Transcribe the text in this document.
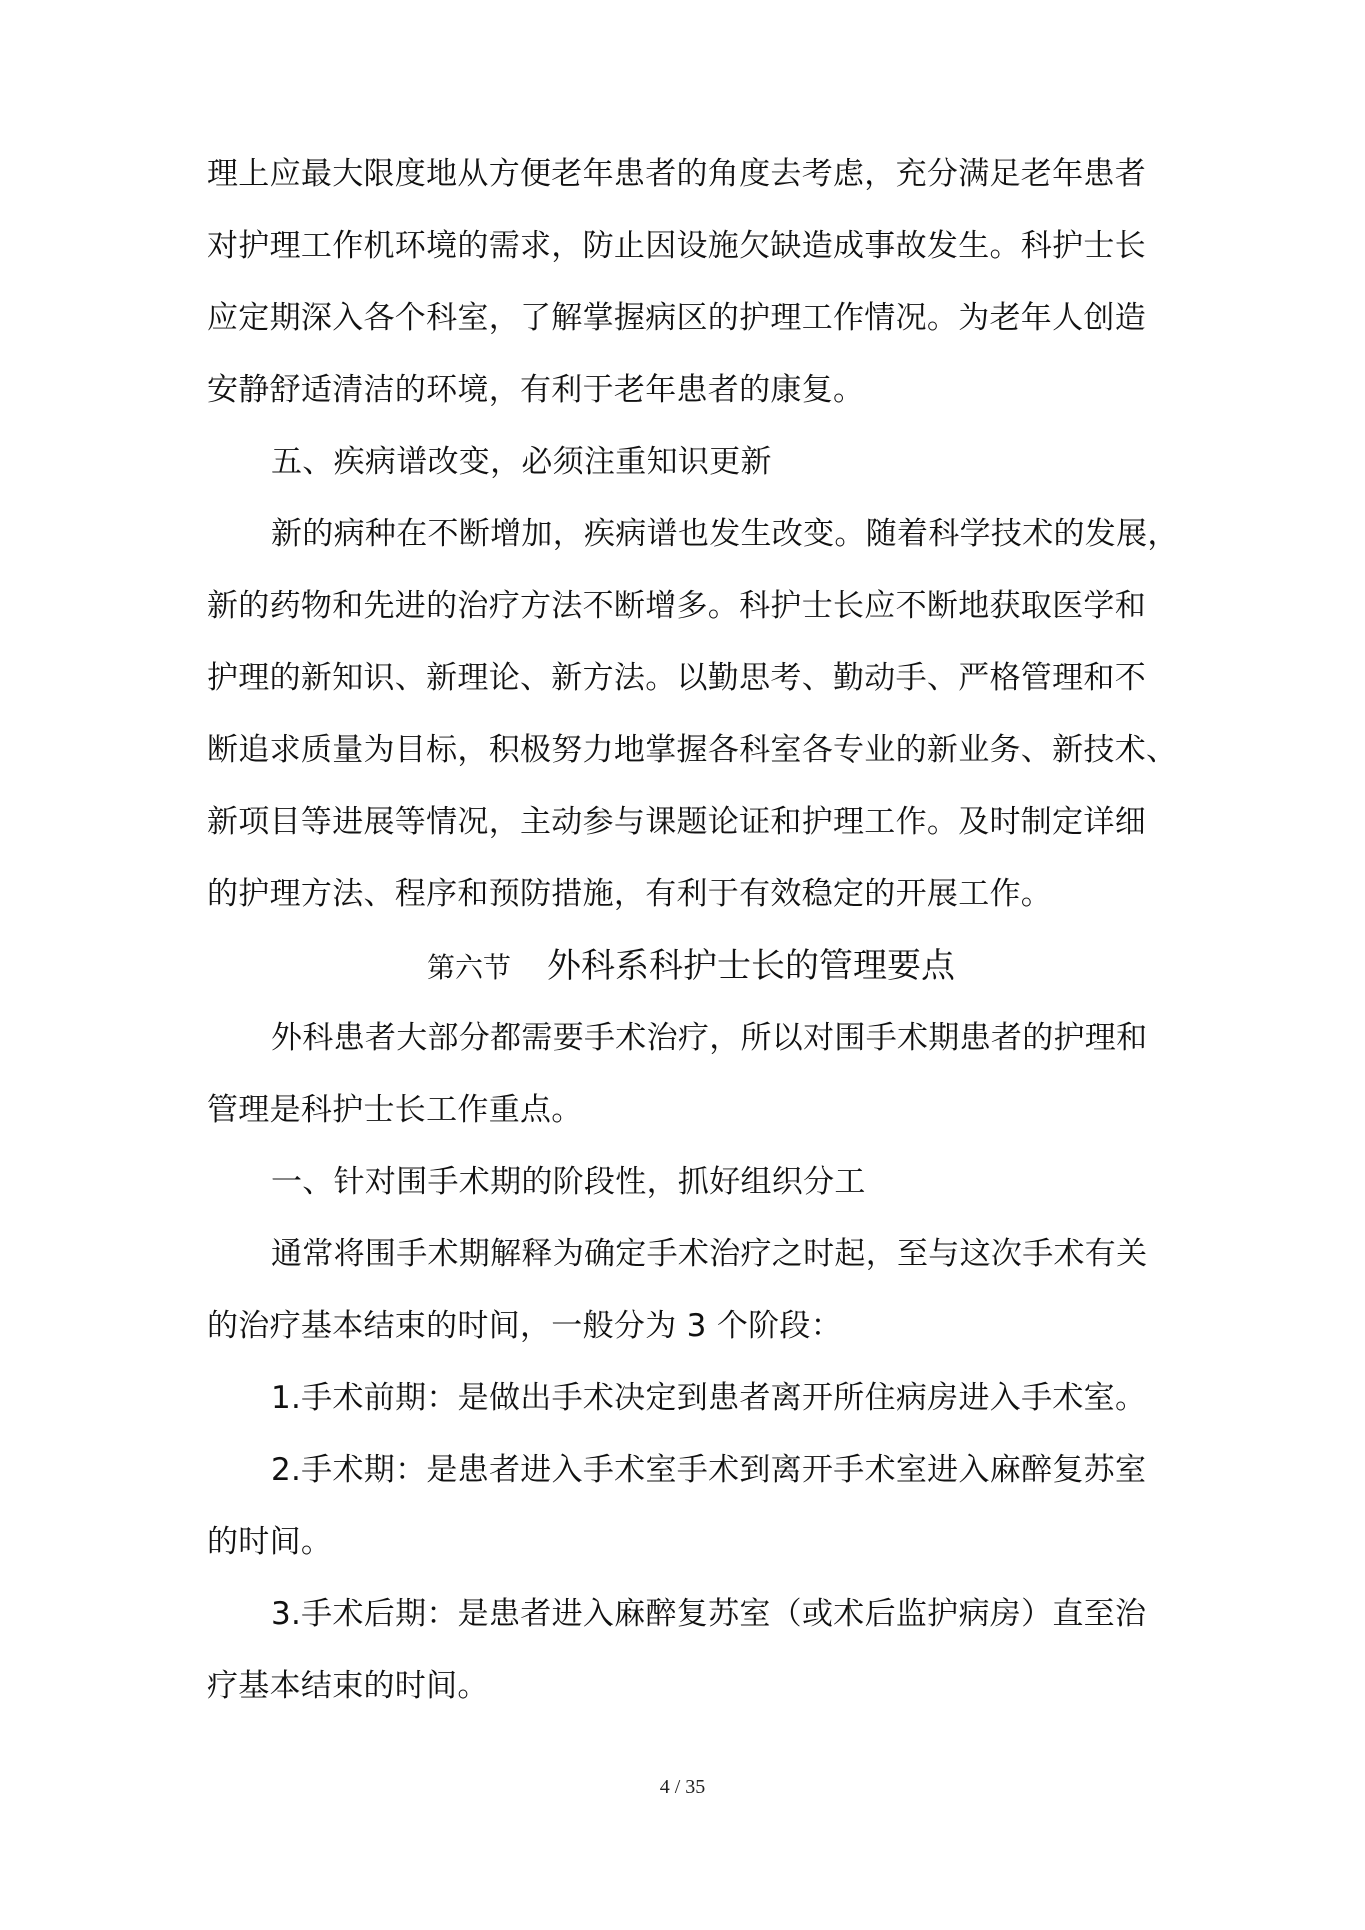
理上应最大限度地从方便老年患者的角度去考虑，充分满足老年患者
对护理工作机环境的需求，防止因设施欠缺造成事故发生。科护士长
应定期深入各个科室，了解掌握病区的护理工作情况。为老年人创造
安静舒适清洁的环境，有利于老年患者的康复。
五、疾病谱改变，必须注重知识更新
新的病种在不断增加，疾病谱也发生改变。随着科学技术的发展，
新的药物和先进的治疗方法不断增多。科护士长应不断地获取医学和
护理的新知识、新理论、新方法。以勤思考、勤动手、严格管理和不
断追求质量为目标，积极努力地掌握各科室各专业的新业务、新技术、
新项目等进展等情况，主动参与课题论证和护理工作。及时制定详细
的护理方法、程序和预防措施，有利于有效稳定的开展工作。
第六节 外科系科护士长的管理要点
外科患者大部分都需要手术治疗，所以对围手术期患者的护理和
管理是科护士长工作重点。
一、针对围手术期的阶段性，抓好组织分工
通常将围手术期解释为确定手术治疗之时起，至与这次手术有关
的治疗基本结束的时间，一般分为 3 个阶段：
1.手术前期：是做出手术决定到患者离开所住病房进入手术室。
2.手术期：是患者进入手术室手术到离开手术室进入麻醉复苏室
的时间。
3.手术后期：是患者进入麻醉复苏室（或术后监护病房）直至治
疗基本结束的时间。
4 / 35
